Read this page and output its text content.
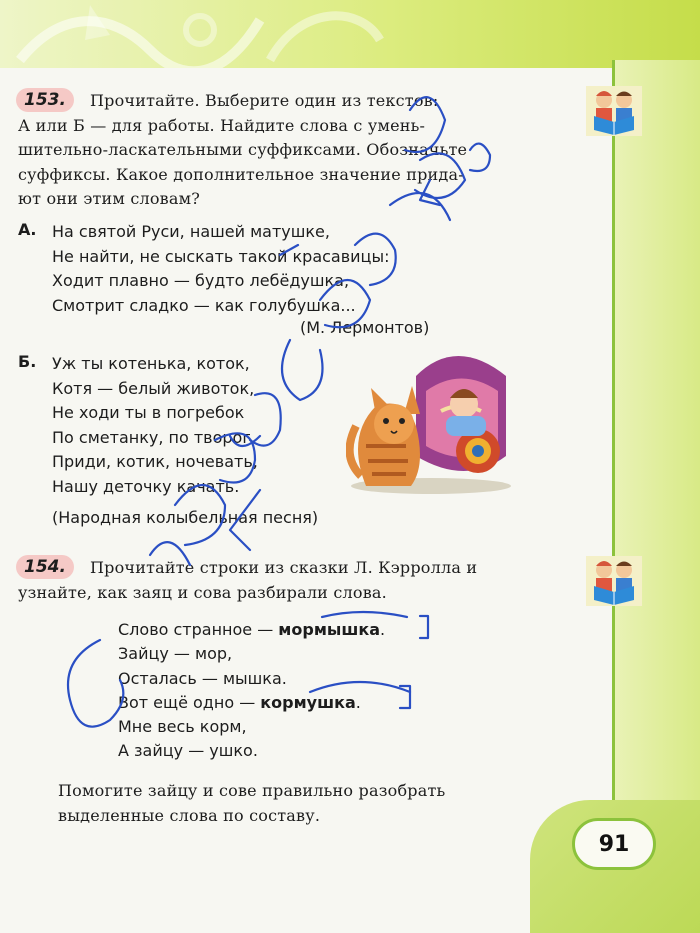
91
153.	Прочитайте. Выберите один из текстов:
А или Б — для работы. Найдите слова с умень-
шительно-ласкательными суффиксами. Обозначьте
суффиксы. Какое дополнительное значение прида-
ют они этим словам?
А. На святой Руси, нашей матушке,
Не найти, не сыскать такой красавицы:
Ходит плавно — будто лебёдушка,
Смотрит сладко — как голубушка...
(М. Лермонтов)
Б. Уж ты котенька, коток,
Котя — белый животок,
Не ходи ты в погребок
По сметанку, по творог.
Приди, котик, ночевать,
Нашу деточку качать.
(Народная колыбельная песня)
154.	Прочитайте строки из сказки Л. Кэрролла и
узнайте, как заяц и сова разбирали слова.
Слово странное — мормышка.
Зайцу — мор,
Осталась — мышка.
Вот ещё одно — кормушка.
Мне весь корм,
А зайцу — ушко.
Помогите зайцу и сове правильно разобрать
выделенные слова по составу.
